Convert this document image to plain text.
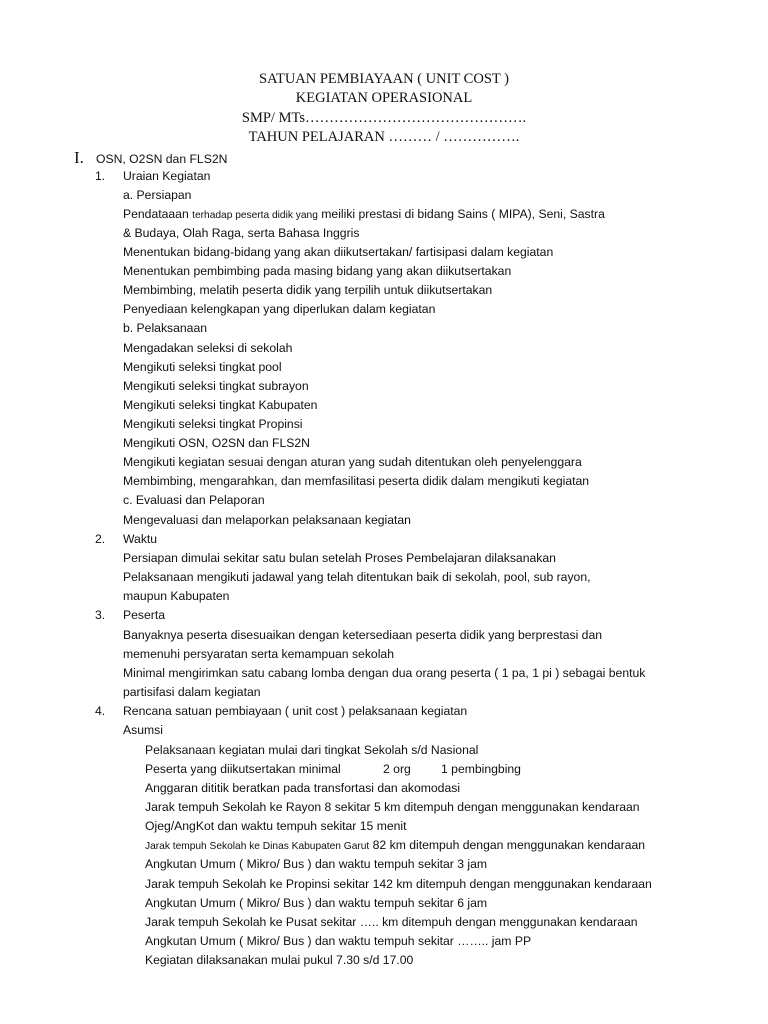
SATUAN PEMBIAYAAN ( UNIT COST )
KEGIATAN OPERASIONAL
SMP/ MTs……………………………………….
TAHUN PELAJARAN ……… / …………….
I. OSN, O2SN dan FLS2N
1. Uraian Kegiatan
a. Persiapan
Pendataaan terhadap peserta didik yang meiliki prestasi di bidang Sains ( MIPA), Seni, Sastra
& Budaya, Olah Raga, serta Bahasa Inggris
Menentukan bidang-bidang yang akan diikutsertakan/ fartisipasi dalam kegiatan
Menentukan pembimbing pada masing bidang yang akan diikutsertakan
Membimbing, melatih peserta didik yang terpilih untuk diikutsertakan
Penyediaan kelengkapan yang diperlukan dalam kegiatan
b. Pelaksanaan
Mengadakan seleksi di sekolah
Mengikuti seleksi tingkat pool
Mengikuti seleksi tingkat subrayon
Mengikuti seleksi tingkat Kabupaten
Mengikuti seleksi tingkat Propinsi
Mengikuti OSN, O2SN dan FLS2N
Mengikuti kegiatan sesuai dengan aturan yang sudah ditentukan oleh penyelenggara
Membimbing, mengarahkan, dan memfasilitasi peserta didik dalam mengikuti kegiatan
c. Evaluasi dan Pelaporan
Mengevaluasi dan melaporkan pelaksanaan kegiatan
2. Waktu
Persiapan dimulai sekitar satu bulan setelah Proses Pembelajaran dilaksanakan
Pelaksanaan mengikuti jadawal yang telah ditentukan baik di sekolah, pool, sub rayon,
maupun Kabupaten
3. Peserta
Banyaknya peserta disesuaikan dengan ketersediaan peserta didik yang berprestasi dan
memenuhi persyaratan serta kemampuan sekolah
Minimal mengirimkan satu cabang lomba dengan dua orang peserta ( 1 pa, 1 pi ) sebagai bentuk
partisifasi dalam kegiatan
4. Rencana satuan pembiayaan ( unit cost ) pelaksanaan kegiatan
Asumsi
Pelaksanaan kegiatan mulai dari tingkat Sekolah s/d Nasional
Peserta yang diikutsertakan minimal	2 org 1 pembingbing
Anggaran dititik beratkan pada transfortasi dan akomodasi
Jarak tempuh Sekolah ke Rayon 8 sekitar 5 km ditempuh dengan menggunakan kendaraan
Ojeg/AngKot dan waktu tempuh sekitar 15 menit
Jarak tempuh Sekolah ke Dinas Kabupaten Garut 82 km ditempuh dengan menggunakan kendaraan
Angkutan Umum ( Mikro/ Bus ) dan waktu tempuh sekitar 3 jam
Jarak tempuh Sekolah ke Propinsi sekitar 142 km ditempuh dengan menggunakan kendaraan
Angkutan Umum ( Mikro/ Bus ) dan waktu tempuh sekitar 6 jam
Jarak tempuh Sekolah ke Pusat sekitar ….. km ditempuh dengan menggunakan kendaraan
Angkutan Umum ( Mikro/ Bus ) dan waktu tempuh sekitar …….. jam PP
Kegiatan dilaksanakan mulai pukul 7.30 s/d 17.00
